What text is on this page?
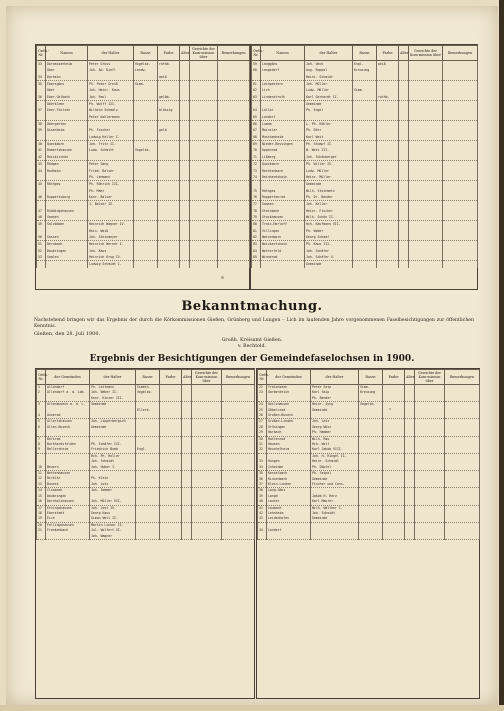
Ordn.-Nr.	Namen	der Halter	Rasse	Farbe	Alter	Gewichte der Kom-mission über	Bemerkungen
33	Dornassenheim	Peter Gross	Vogelsb.	rothb.			
	Ober	Joh. Ad. Diefl	Landw.				
34	Dorheim			weiß			
35	Ebersgöns	Ph. Peter Greiß	Simm.				
	Ober	Joh. Heinr. Kaus					
36	Eber-Gelbach	Joh. Paul		gelbb.			
	Oberkleen	Ph. Wolff III.					
37	Eber-Stolzen	Wilhelm Schmalz		blässig			
		Peter Kohlermann					
38	Obergarten						
39	Ossenheim	Ph. Fischer		gelb			
		Ludwig Keller I.					
40	Queckborn	Joh. Fritz II.					
41	Rabertshausen	Ludw. Schmitt	Vogelsb.				
42	Reiskirchen						
43	Rödgen	Peter Sang					
44	Rodheim	Fried. Balser					
		Ph. Lehmann					
45	Röthges	Ph. Röhrich III.					
		Ph. Mahr					
46	Ruppertsburg	Konr. Balser					
		J. Balser IV.					
47	Rüddingshausen						
48	Saasen						
49	Salzböden	Heinrich Wagner IV.					
		Hein. Weiß					
50	Sassen	Joh. Steinmeyer					
51	Dernbach	Heinrich Werner I.					
52	Daubringen	Joh. Kaus					
53	Saalen	Heinrich Krug IV.					
		Ludwig Schmidt I.					
Ordn.-Nr.	Namen	der Halter	Rasse	Farbe	Alter	Gewichte der Kom-mission über	Bemerkungen
59	Langgöns	Joh. Ueck	Engl.	weiß			
60	Langsdorf	Aug. Ruppel	Kreuzung				
		Heinr. Schmidt					
61	Leihgestern	Joh. Müller					
62	Lich	Ludw. Müller	Simm.				
63	Lindenstruth	Karl Gerhardt II.		rothb.			
		Gemeinde					
64	Lollar	Ph. Engel					
65	Londorf						
66	Lumda	L. Ph. Köhler					
67	Mainzlar	Ph. Dörr					
68	Muschenheim	Karl Weit					
69	Nieder-Bessingen	Ph. Stumpf II.					
70	Oppenrod	W. Wetz III.					
71	Lißberg	Joh. Schönberger					
72	Queckborn	Ph. Willer IV.					
73	Rechtenbach	Ludw. Müller					
74	Reinhardshain	Heinr. Müller					
		Gemeinde					
75	Röthges	Wilh. Steinmetz					
76	Ruppertenrod	Ph. Dr. Bender					
77	Saasen	Joh. Keller					
78	Steinbach	Heinr. Fischer					
79	Stockhausen	Wilh. Schön II.					
80	Trais-Horloff	Hch. Kaufmann VII.					
81	Villingen	Ph. Weber					
82	Watzenborn	Georg Schaaf					
83	Weickartshain	Ph. Kaus III.					
84	Wetterfeld	Joh. Schäfer					
85	Winnerod	Joh. Schäfer V.					
		Gemeinde					
Bekanntmachung.
Nachstehend bringen wir das Ergebnis der durch die Körkommissionen Gießen, Grünberg und Lungen – Lich im laufenden Jahre vorgenommenen Faselbesichtigungen zur öffentlichen Kenntnis.
Gießen, den 28. Juli 1900.
Großh. Kreisamt Gießen.
v. Bechtold.
Ergebnis der Besichtigungen der Gemeindefaselochsen in 1900.
Ordn.-Nr.	der Gemeinden	der Halter	Rasse	Farbe	Alter	Gewichte der Kom-mission über	Bemerkungen
1	Allendorf	Ph. Leitmann	Simmth.				
2	Allendorf a. d. Lda.	Joh. Weber II.	Vogelsb.				
		Konr. Kinzer III.					
3	Altenbuseck a. d. L.	Gemeinde					
			Ellerb.				
4	Annerod						
5	Allertshausen	Joh. Lipperbergsch					
6	Alten-Buseck	Gemeinde					

7	Bersrod						
8	Burkhardsfelden	Ph. Schäfer III.					
9	Bellersheim	Friedrich Bumb	Engl.				
		Hch. Ph. Roller					
		Joh. Schmidt					
10	Beuern	Joh. Huber I.					
11	Bettenhausen						
12	Birklar	Ph. Klein					
13	Buseck	Joh. Lotz					
14	Climbach	Joh. Sommer					
15	Daubringen						
16	Dornholzhausen	Joh. Müller VII.					
17	Ettingshausen	Joh. Jost IV.					
18	Eberstadt	Georg Kaus					
19	Eich	Simon Weil II.					
20	Fellingshausen	Martin Linker II.					
21	Frankenbach	Jul. Wolfert XI.					
		Joh. Wagner					
Ordn.-Nr.	der Gemeinden	der Halter	Rasse	Farbe	Alter	Gewichte der Kom-mission über	Bemerkungen
22	Freienseen	Peter Seip	Simm.				
23	Garbenteich	Karl Seip	Kreuzung				
		Ph. Bender					
24	Geilshausen	Heinr. Jung	Vogelsb.				
25	Göbelnrod	Gemeinde					
26	Großen-Buseck						
27	Großen-Linden	Joh. Lotz					
28	Grüningen	Georg Wüst					
29	Harbach	Ph. Hammer					
30	Hattenrod	Wilh. Rau					
31	Hausen	Hch. Wolf					
32	Heuchelheim	Karl Jakob VIII.					
		Joh. H. Ringel II.					
33	Hungen	Heinr. Schmidt					
34	Inheiden	Ph. Döpfel					
35	Kesselbach	Ph. Seipel					
36	Kinzenbach	Gemeinde					
37	Klein-Linden	Fischer und Cons.					
38	Lang-Göns						
39	Langd	Jakob H. Herz					
40	Lauter	Karl Maurer					
41	Laubach	Wilh. Walther I.					
42	Lehnheim	Joh. Schmidt					
43	Leidenhofen	Gemeinde					

44	Londorf						
